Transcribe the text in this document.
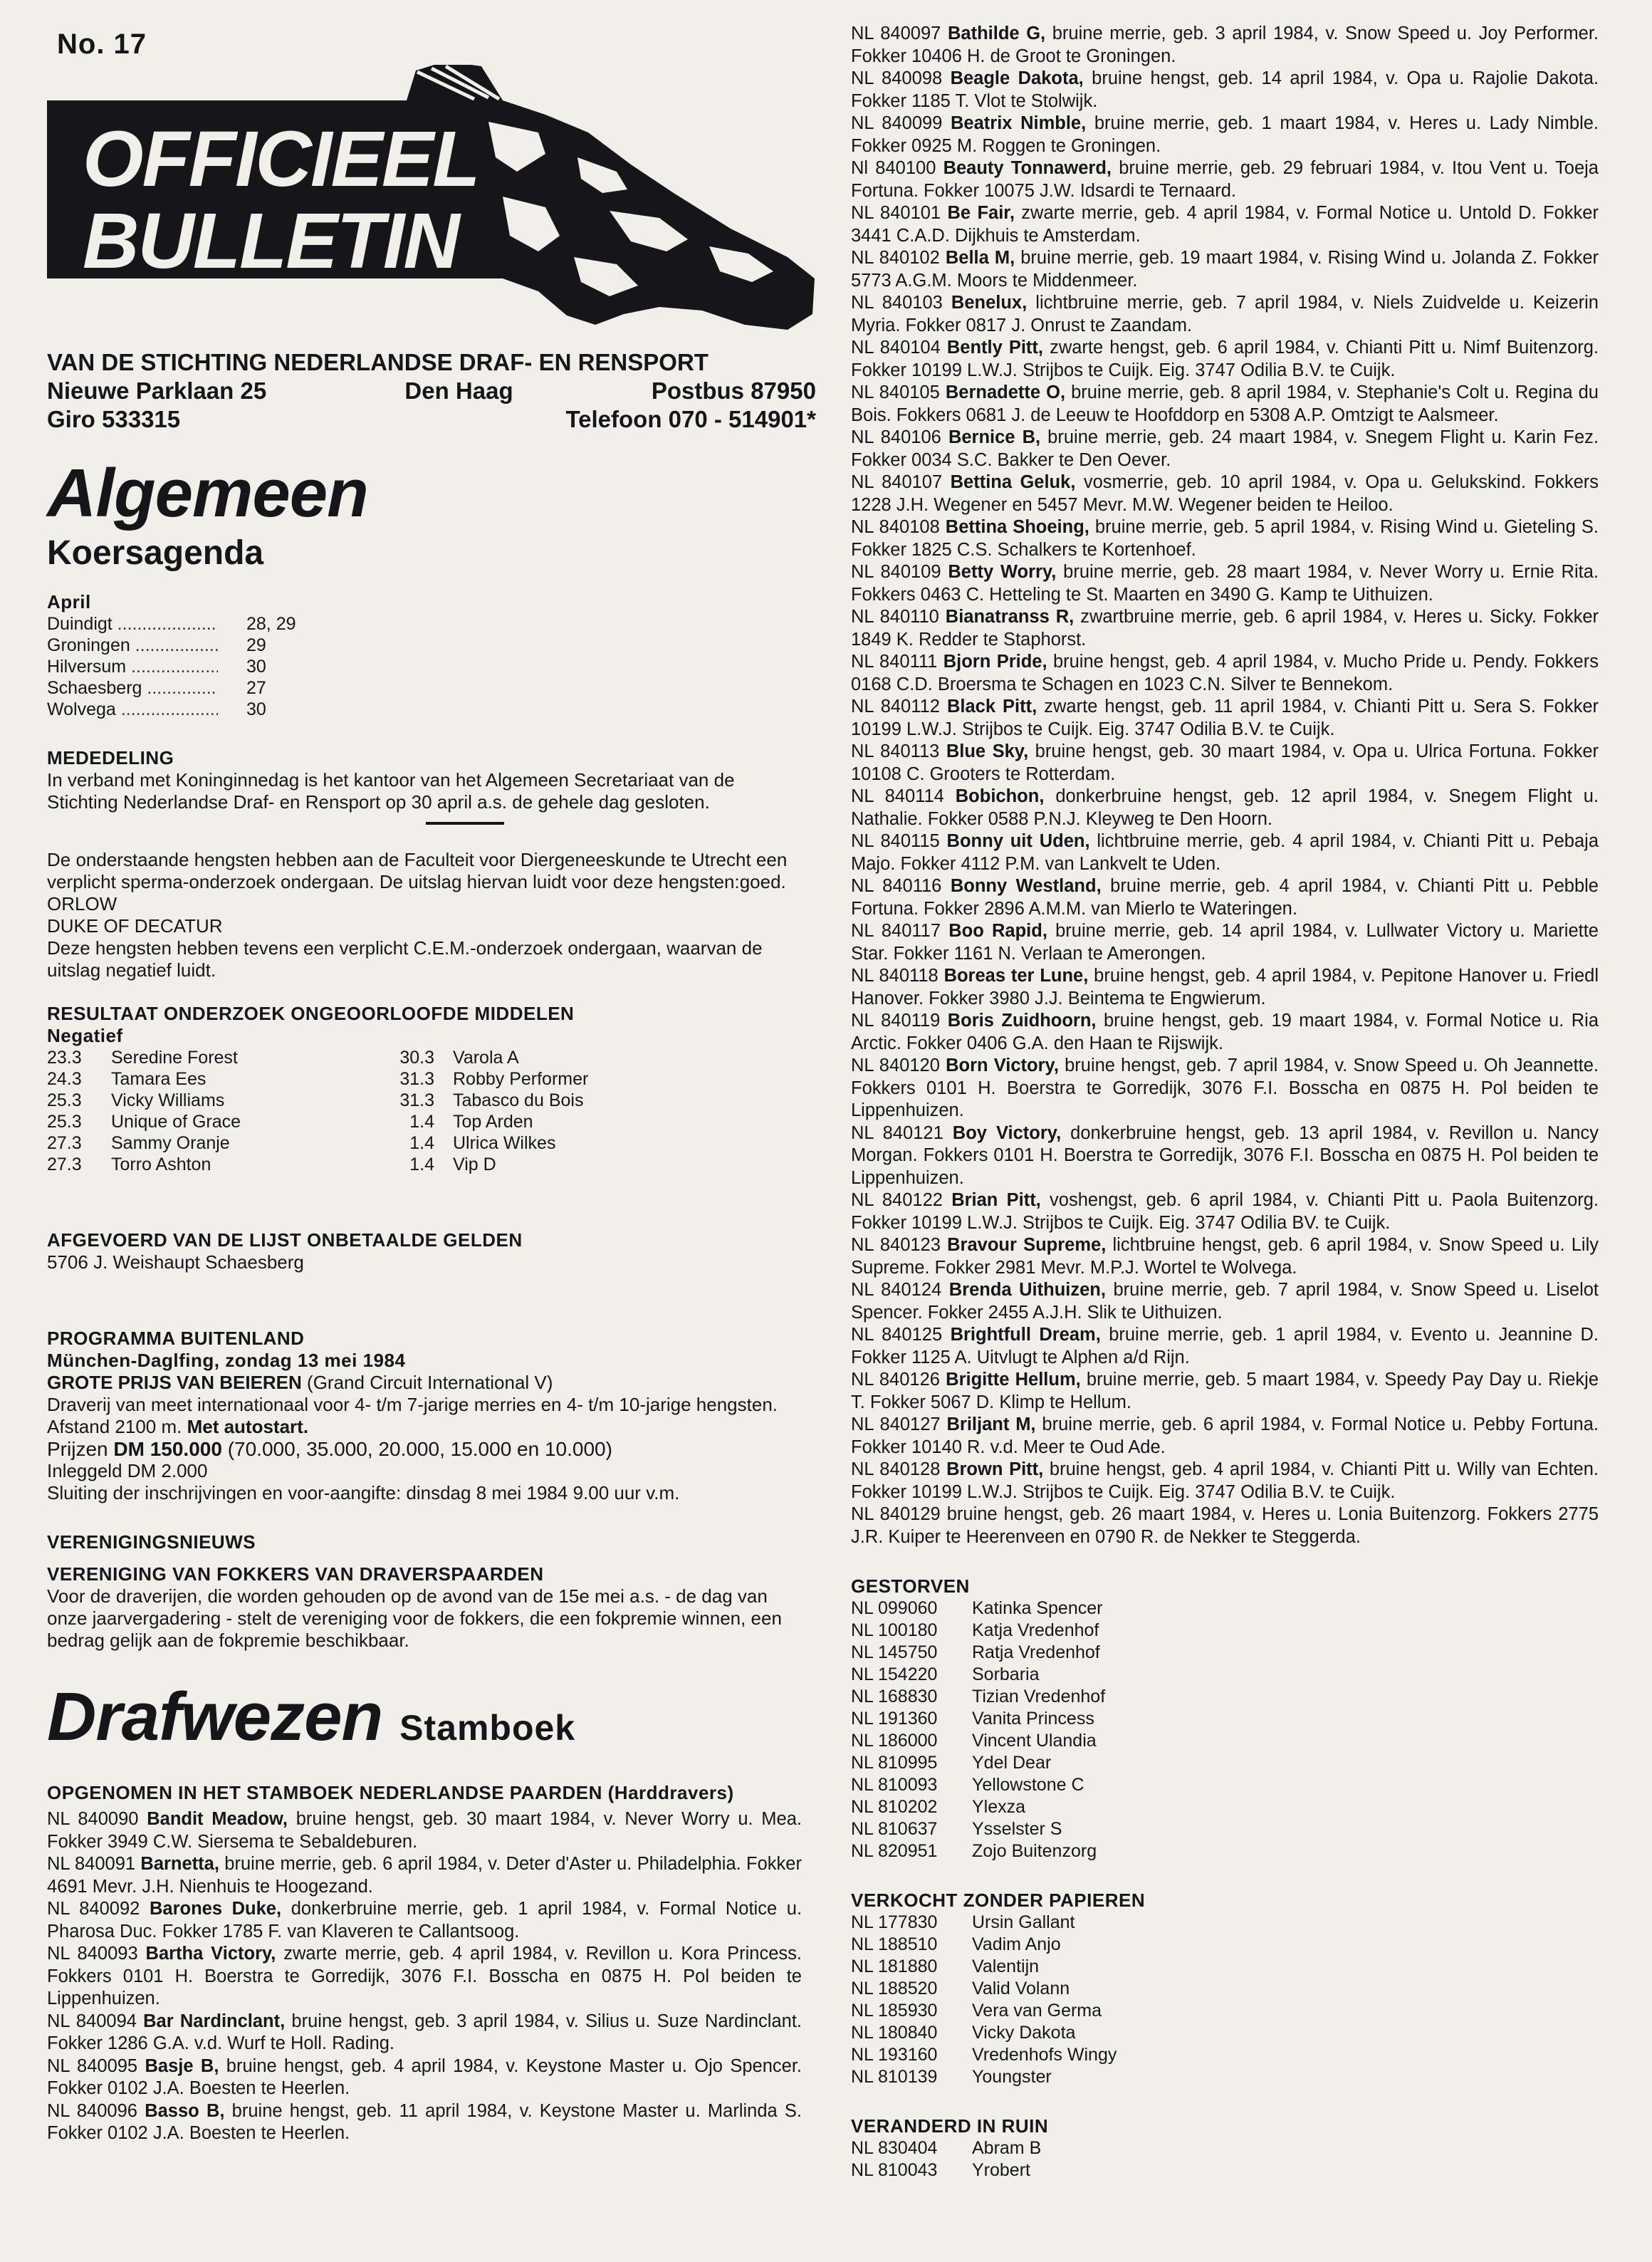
No. 17
OFFICIEEL
BULLETIN
VAN DE STICHTING NEDERLANDSE DRAF- EN RENSPORT
Nieuwe Parklaan 25	Den Haag	Postbus 87950
Giro 533315	Telefoon 070 - 514901*
Algemeen
Koersagenda
April
Duindigt .....	28, 29
Groningen .....	29
Hilversum .....	30
Schaesberg .....	27
Wolvega .....	30
MEDEDELING
In verband met Koninginnedag is het kantoor van het Algemeen Secretariaat van de Stichting Nederlandse Draf- en Rensport op 30 april a.s. de gehele dag gesloten.
De onderstaande hengsten hebben aan de Faculteit voor Diergeneeskunde te Utrecht een verplicht sperma-onderzoek ondergaan. De uitslag hiervan luidt voor deze hengsten:goed.
ORLOW
DUKE OF DECATUR
Deze hengsten hebben tevens een verplicht C.E.M.-onderzoek ondergaan, waarvan de uitslag negatief luidt.
RESULTAAT ONDERZOEK ONGEOORLOOFDE MIDDELEN
Negatief
23.3	Seredine Forest	30.3	Varola A
24.3	Tamara Ees	31.3	Robby Performer
25.3	Vicky Williams	31.3	Tabasco du Bois
25.3	Unique of Grace	1.4	Top Arden
27.3	Sammy Oranje	1.4	Ulrica Wilkes
27.3	Torro Ashton	1.4	Vip D
AFGEVOERD VAN DE LIJST ONBETAALDE GELDEN
5706 J. Weishaupt Schaesberg
PROGRAMMA BUITENLAND
München-Daglfing, zondag 13 mei 1984
GROTE PRIJS VAN BEIEREN (Grand Circuit International V)
Draverij van meet internationaal voor 4- t/m 7-jarige merries en 4- t/m 10-jarige hengsten. Afstand 2100 m. Met autostart.
Prijzen DM 150.000 (70.000, 35.000, 20.000, 15.000 en 10.000)
Inleggeld DM 2.000
Sluiting der inschrijvingen en voor-aangifte: dinsdag 8 mei 1984 9.00 uur v.m.
VERENIGINGSNIEUWS
VERENIGING VAN FOKKERS VAN DRAVERSPAARDEN
Voor de draverijen, die worden gehouden op de avond van de 15e mei a.s. - de dag van onze jaarvergadering - stelt de vereniging voor de fokkers, die een fokpremie winnen, een bedrag gelijk aan de fokpremie beschikbaar.
Drafwezen Stamboek
OPGENOMEN IN HET STAMBOEK NEDERLANDSE PAARDEN (Harddravers)
NL 840090 Bandit Meadow, bruine hengst, geb. 30 maart 1984, v. Never Worry u. Mea. Fokker 3949 C.W. Siersema te Sebaldeburen.
NL 840091 Barnetta, bruine merrie, geb. 6 april 1984, v. Deter d'Aster u. Philadelphia. Fokker 4691 Mevr. J.H. Nienhuis te Hoogezand.
NL 840092 Barones Duke, donkerbruine merrie, geb. 1 april 1984, v. Formal Notice u. Pharosa Duc. Fokker 1785 F. van Klaveren te Callantsoog.
NL 840093 Bartha Victory, zwarte merrie, geb. 4 april 1984, v. Revillon u. Kora Princess. Fokkers 0101 H. Boerstra te Gorredijk, 3076 F.I. Bosscha en 0875 H. Pol beiden te Lippenhuizen.
NL 840094 Bar Nardinclant, bruine hengst, geb. 3 april 1984, v. Silius u. Suze Nardinclant. Fokker 1286 G.A. v.d. Wurf te Holl. Rading.
NL 840095 Basje B, bruine hengst, geb. 4 april 1984, v. Keystone Master u. Ojo Spencer. Fokker 0102 J.A. Boesten te Heerlen.
NL 840096 Basso B, bruine hengst, geb. 11 april 1984, v. Keystone Master u. Marlinda S. Fokker 0102 J.A. Boesten te Heerlen.
NL 840097 Bathilde G, bruine merrie, geb. 3 april 1984, v. Snow Speed u. Joy Performer. Fokker 10406 H. de Groot te Groningen.
NL 840098 Beagle Dakota, bruine hengst, geb. 14 april 1984, v. Opa u. Rajolie Dakota. Fokker 1185 T. Vlot te Stolwijk.
NL 840099 Beatrix Nimble, bruine merrie, geb. 1 maart 1984, v. Heres u. Lady Nimble. Fokker 0925 M. Roggen te Groningen.
Nl 840100 Beauty Tonnawerd, bruine merrie, geb. 29 februari 1984, v. Itou Vent u. Toeja Fortuna. Fokker 10075 J.W. Idsardi te Ternaard.
NL 840101 Be Fair, zwarte merrie, geb. 4 april 1984, v. Formal Notice u. Untold D. Fokker 3441 C.A.D. Dijkhuis te Amsterdam.
NL 840102 Bella M, bruine merrie, geb. 19 maart 1984, v. Rising Wind u. Jolanda Z. Fokker 5773 A.G.M. Moors te Middenmeer.
NL 840103 Benelux, lichtbruine merrie, geb. 7 april 1984, v. Niels Zuidvelde u. Keizerin Myria. Fokker 0817 J. Onrust te Zaandam.
NL 840104 Bently Pitt, zwarte hengst, geb. 6 april 1984, v. Chianti Pitt u. Nimf Buitenzorg. Fokker 10199 L.W.J. Strijbos te Cuijk. Eig. 3747 Odilia B.V. te Cuijk.
NL 840105 Bernadette O, bruine merrie, geb. 8 april 1984, v. Stephanie's Colt u. Regina du Bois. Fokkers 0681 J. de Leeuw te Hoofddorp en 5308 A.P. Omtzigt te Aalsmeer.
NL 840106 Bernice B, bruine merrie, geb. 24 maart 1984, v. Snegem Flight u. Karin Fez. Fokker 0034 S.C. Bakker te Den Oever.
NL 840107 Bettina Geluk, vosmerrie, geb. 10 april 1984, v. Opa u. Gelukskind. Fokkers 1228 J.H. Wegener en 5457 Mevr. M.W. Wegener beiden te Heiloo.
NL 840108 Bettina Shoeing, bruine merrie, geb. 5 april 1984, v. Rising Wind u. Gieteling S. Fokker 1825 C.S. Schalkers te Kortenhoef.
NL 840109 Betty Worry, bruine merrie, geb. 28 maart 1984, v. Never Worry u. Ernie Rita. Fokkers 0463 C. Hetteling te St. Maarten en 3490 G. Kamp te Uithuizen.
NL 840110 Bianatranss R, zwartbruine merrie, geb. 6 april 1984, v. Heres u. Sicky. Fokker 1849 K. Redder te Staphorst.
NL 840111 Bjorn Pride, bruine hengst, geb. 4 april 1984, v. Mucho Pride u. Pendy. Fokkers 0168 C.D. Broersma te Schagen en 1023 C.N. Silver te Bennekom.
NL 840112 Black Pitt, zwarte hengst, geb. 11 april 1984, v. Chianti Pitt u. Sera S. Fokker 10199 L.W.J. Strijbos te Cuijk. Eig. 3747 Odilia B.V. te Cuijk.
NL 840113 Blue Sky, bruine hengst, geb. 30 maart 1984, v. Opa u. Ulrica Fortuna. Fokker 10108 C. Grooters te Rotterdam.
NL 840114 Bobichon, donkerbruine hengst, geb. 12 april 1984, v. Snegem Flight u. Nathalie. Fokker 0588 P.N.J. Kleyweg te Den Hoorn.
NL 840115 Bonny uit Uden, lichtbruine merrie, geb. 4 april 1984, v. Chianti Pitt u. Pebaja Majo. Fokker 4112 P.M. van Lankvelt te Uden.
NL 840116 Bonny Westland, bruine merrie, geb. 4 april 1984, v. Chianti Pitt u. Pebble Fortuna. Fokker 2896 A.M.M. van Mierlo te Wateringen.
NL 840117 Boo Rapid, bruine merrie, geb. 14 april 1984, v. Lullwater Victory u. Mariette Star. Fokker 1161 N. Verlaan te Amerongen.
NL 840118 Boreas ter Lune, bruine hengst, geb. 4 april 1984, v. Pepitone Hanover u. Friedl Hanover. Fokker 3980 J.J. Beintema te Engwierum.
NL 840119 Boris Zuidhoorn, bruine hengst, geb. 19 maart 1984, v. Formal Notice u. Ria Arctic. Fokker 0406 G.A. den Haan te Rijswijk.
NL 840120 Born Victory, bruine hengst, geb. 7 april 1984, v. Snow Speed u. Oh Jeannette. Fokkers 0101 H. Boerstra te Gorredijk, 3076 F.I. Bosscha en 0875 H. Pol beiden te Lippenhuizen.
NL 840121 Boy Victory, donkerbruine hengst, geb. 13 april 1984, v. Revillon u. Nancy Morgan. Fokkers 0101 H. Boerstra te Gorredijk, 3076 F.I. Bosscha en 0875 H. Pol beiden te Lippenhuizen.
NL 840122 Brian Pitt, voshengst, geb. 6 april 1984, v. Chianti Pitt u. Paola Buitenzorg. Fokker 10199 L.W.J. Strijbos te Cuijk. Eig. 3747 Odilia BV. te Cuijk.
NL 840123 Bravour Supreme, lichtbruine hengst, geb. 6 april 1984, v. Snow Speed u. Lily Supreme. Fokker 2981 Mevr. M.P.J. Wortel te Wolvega.
NL 840124 Brenda Uithuizen, bruine merrie, geb. 7 april 1984, v. Snow Speed u. Liselot Spencer. Fokker 2455 A.J.H. Slik te Uithuizen.
NL 840125 Brightfull Dream, bruine merrie, geb. 1 april 1984, v. Evento u. Jeannine D. Fokker 1125 A. Uitvlugt te Alphen a/d Rijn.
NL 840126 Brigitte Hellum, bruine merrie, geb. 5 maart 1984, v. Speedy Pay Day u. Riekje T. Fokker 5067 D. Klimp te Hellum.
NL 840127 Briljant M, bruine merrie, geb. 6 april 1984, v. Formal Notice u. Pebby Fortuna. Fokker 10140 R. v.d. Meer te Oud Ade.
NL 840128 Brown Pitt, bruine hengst, geb. 4 april 1984, v. Chianti Pitt u. Willy van Echten. Fokker 10199 L.W.J. Strijbos te Cuijk. Eig. 3747 Odilia B.V. te Cuijk.
NL 840129 bruine hengst, geb. 26 maart 1984, v. Heres u. Lonia Buitenzorg. Fokkers 2775 J.R. Kuiper te Heerenveen en 0790 R. de Nekker te Steggerda.
GESTORVEN
NL 099060	Katinka Spencer
NL 100180	Katja Vredenhof
NL 145750	Ratja Vredenhof
NL 154220	Sorbaria
NL 168830	Tizian Vredenhof
NL 191360	Vanita Princess
NL 186000	Vincent Ulandia
NL 810995	Ydel Dear
NL 810093	Yellowstone C
NL 810202	Ylexza
NL 810637	Ysselster S
NL 820951	Zojo Buitenzorg
VERKOCHT ZONDER PAPIEREN
NL 177830	Ursin Gallant
NL 188510	Vadim Anjo
NL 181880	Valentijn
NL 188520	Valid Volann
NL 185930	Vera van Germa
NL 180840	Vicky Dakota
NL 193160	Vredenhofs Wingy
NL 810139	Youngster
VERANDERD IN RUIN
NL 830404	Abram B
NL 810043	Yrobert
